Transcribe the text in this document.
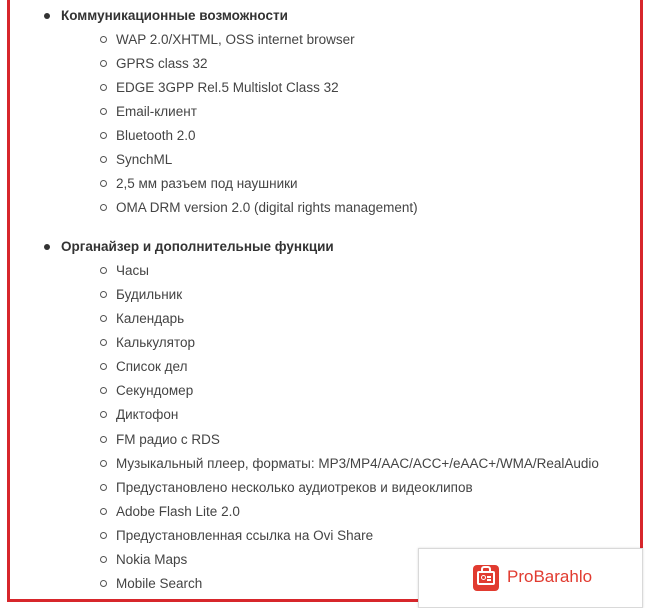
Коммуникационные возможности
WAP 2.0/XHTML, OSS internet browser
GPRS class 32
EDGE 3GPP Rel.5 Multislot Class 32
Email-клиент
Bluetooth 2.0
SynchML
2,5 мм разъем под наушники
OMA DRM version 2.0 (digital rights management)
Органайзер и дополнительные функции
Часы
Будильник
Календарь
Калькулятор
Список дел
Секундомер
Диктофон
FM радио с RDS
Музыкальный плеер, форматы: MP3/MP4/AAC/ACC+/eAAC+/WMA/RealAudio
Предустановлено несколько аудиотреков и видеоклипов
Adobe Flash Lite 2.0
Предустановленная ссылка на Ovi Share
Nokia Maps
Mobile Search	ProBarahlo
